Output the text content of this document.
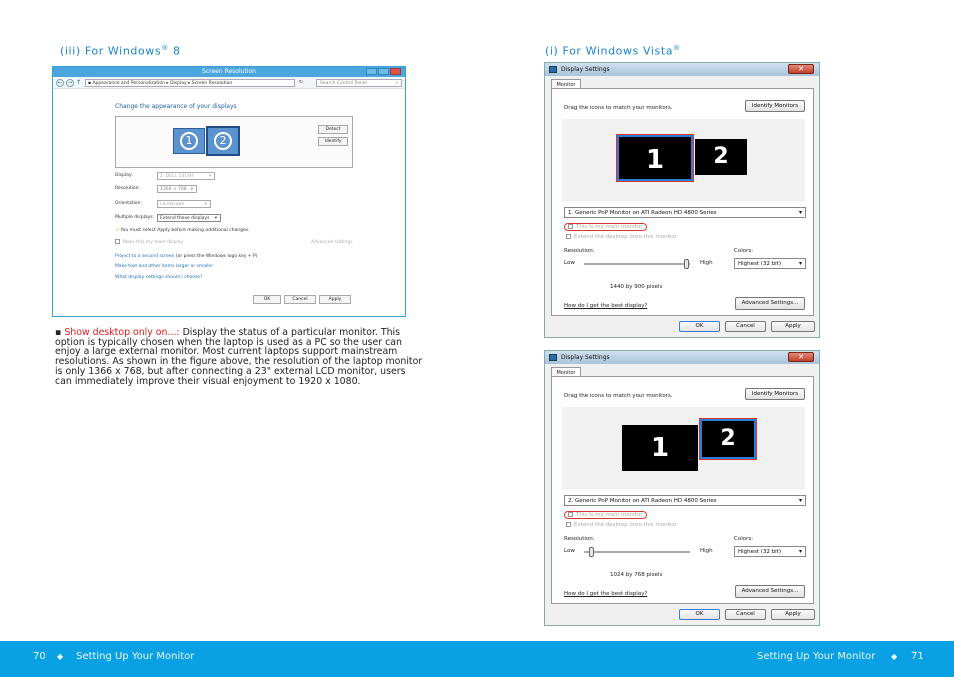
(iii) For Windows® 8	(i) For Windows Vista®
Screen Resolution
←	→ ↑	▪ Appearance and Personalization ▸ Display ▸ Screen Resolution	↻	Search Control Panel	⌕
Change the appearance of your displays
1	2
Detect
Identify
Display:	2. DELL 2314H	▾
Resolution:	1366 × 768 ▾
Orientation:	Landscape	▾
Multiple displays:	Extend these displays ▾
⚠ You must select Apply before making additional changes.
Make this my main display	Advanced settings
Project to a second screen (or press the Windows logo key + P)
Make text and other items larger or smaller
What display settings should I choose?
OK	Cancel	Apply
▪ Show desktop only on...: Display the status of a particular monitor. This option is typically chosen when the laptop is used as a PC so the user can enjoy a large external monitor. Most current laptops support mainstream resolutions. As shown in the figure above, the resolution of the laptop monitor is only 1366 x 768, but after connecting a 23" external LCD monitor, users can immediately improve their visual enjoyment to 1920 x 1080.
Display Settings	✕
Monitor
Drag the icons to match your monitors.	Identify Monitors
1	2
1. Generic PnP Monitor on ATI Radeon HD 4800 Series ▾
This is my main monitor
Extend the desktop onto this monitor
Resolution:
Low	High
Colors:
Highest (32 bit) ▾
1440 by 900 pixels
How do I get the best display?	Advanced Settings...
OK	Cancel	Apply
Display Settings	✕
Monitor
Drag the icons to match your monitors.	Identify Monitors
1	2
2. Generic PnP Monitor on ATI Radeon HD 4800 Series ▾
This is my main monitor
Extend the desktop onto this monitor
Resolution:
Low	High
Colors:
Highest (32 bit) ▾
1024 by 768 pixels
How do I get the best display?	Advanced Settings...
OK	Cancel	Apply
70 ◆ Setting Up Your Monitor	Setting Up Your Monitor ◆ 71
